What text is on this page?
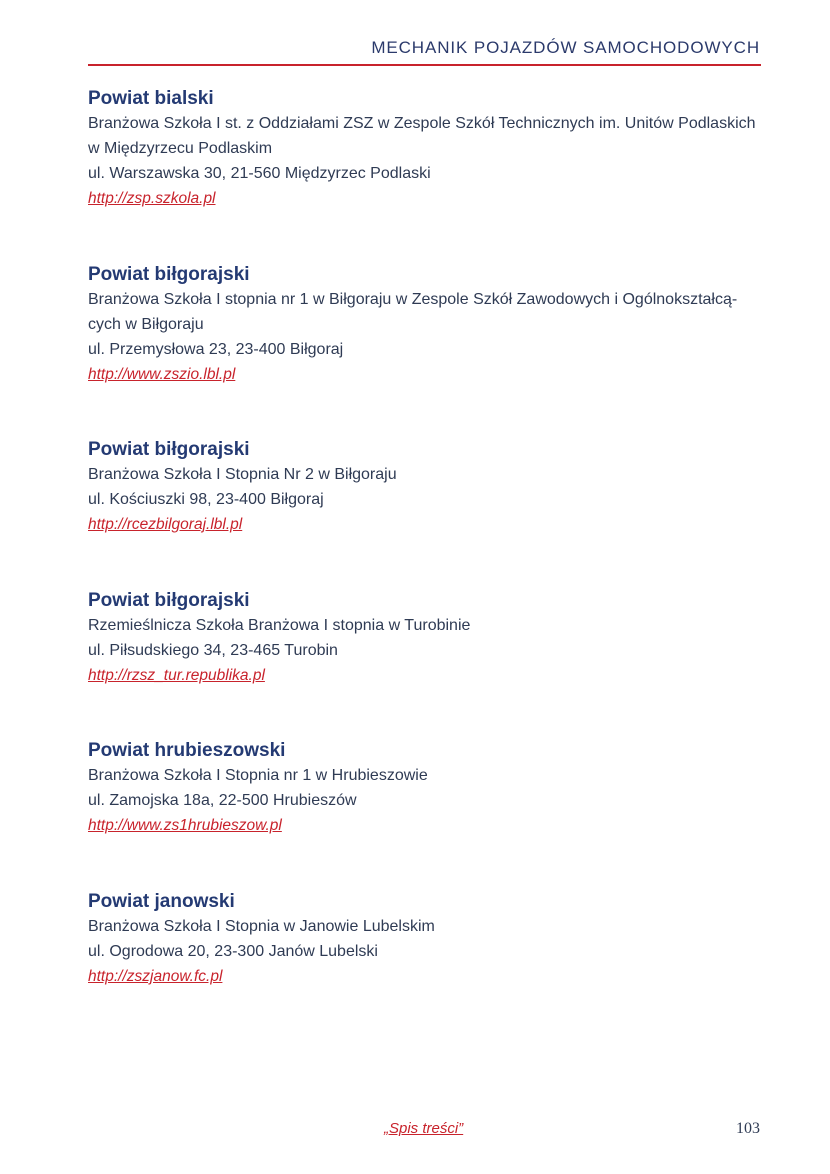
MECHANIK POJAZDÓW SAMOCHODOWYCH
Powiat bialski
Branżowa Szkoła I st. z Oddziałami ZSZ w Zespole Szkół Technicznych im. Unitów Podlaskich
w Międzyrzecu Podlaskim
ul. Warszawska 30, 21-560 Międzyrzec Podlaski
http://zsp.szkola.pl
Powiat biłgorajski
Branżowa Szkoła I stopnia nr 1 w Biłgoraju w Zespole Szkół Zawodowych i Ogólnokształcą-
cych w Biłgoraju
ul. Przemysłowa 23, 23-400 Biłgoraj
http://www.zszio.lbl.pl
Powiat biłgorajski
Branżowa Szkoła I Stopnia Nr 2 w Biłgoraju
ul. Kościuszki 98, 23-400 Biłgoraj
http://rcezbilgoraj.lbl.pl
Powiat biłgorajski
Rzemieślnicza Szkoła Branżowa I stopnia w Turobinie
ul. Piłsudskiego 34, 23-465 Turobin
http://rzsz_tur.republika.pl
Powiat hrubieszowski
Branżowa Szkoła I Stopnia nr 1 w Hrubieszowie
ul. Zamojska 18a, 22-500 Hrubieszów
http://www.zs1hrubieszow.pl
Powiat janowski
Branżowa Szkoła I Stopnia w Janowie Lubelskim
ul. Ogrodowa 20, 23-300 Janów Lubelski
http://zszjanow.fc.pl
„Spis treści”	103
